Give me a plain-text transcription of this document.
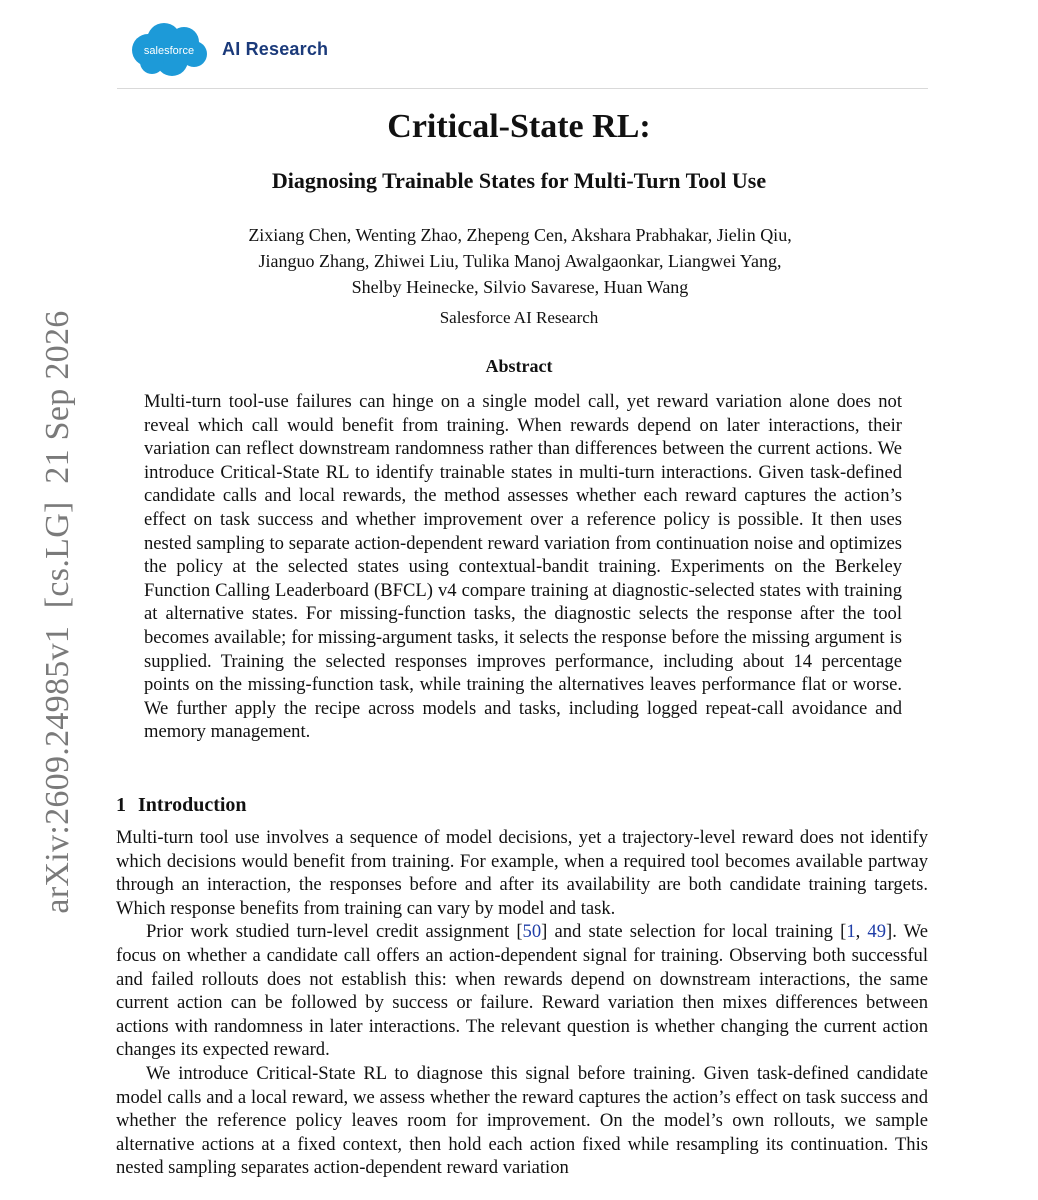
salesforce AI Research
arXiv:2609.24985v1  [cs.LG]  21 Sep 2026
Critical-State RL:
Diagnosing Trainable States for Multi-Turn Tool Use
Zixiang Chen, Wenting Zhao, Zhepeng Cen, Akshara Prabhakar, Jielin Qiu,
Jianguo Zhang, Zhiwei Liu, Tulika Manoj Awalgaonkar, Liangwei Yang,
Shelby Heinecke, Silvio Savarese, Huan Wang
Salesforce AI Research
Abstract
Multi-turn tool-use failures can hinge on a single model call, yet reward variation alone does not reveal which call would benefit from training. When rewards depend on later interactions, their variation can reflect downstream randomness rather than differences between the current actions. We introduce Critical-State RL to identify trainable states in multi-turn interactions. Given task-defined candidate calls and local rewards, the method assesses whether each reward captures the action’s effect on task success and whether improvement over a reference policy is possible. It then uses nested sampling to separate action-dependent reward variation from continuation noise and optimizes the policy at the selected states using contextual-bandit training. Experiments on the Berkeley Function Calling Leaderboard (BFCL) v4 compare training at diagnostic-selected states with training at alternative states. For missing-function tasks, the diagnostic selects the response after the tool becomes available; for missing-argument tasks, it selects the response before the missing argument is supplied. Training the selected responses improves performance, including about 14 percentage points on the missing-function task, while training the alternatives leaves performance flat or worse. We further apply the recipe across models and tasks, including logged repeat-call avoidance and memory management.
1 Introduction

Multi-turn tool use involves a sequence of model decisions, yet a trajectory-level reward does not identify which decisions would benefit from training. For example, when a required tool becomes available partway through an interaction, the responses before and after its availability are both candidate training targets. Which response benefits from training can vary by model and task.

Prior work studied turn-level credit assignment [50] and state selection for local training [1, 49]. We focus on whether a candidate call offers an action-dependent signal for training. Observing both successful and failed rollouts does not establish this: when rewards depend on downstream interactions, the same current action can be followed by success or failure. Reward variation then mixes differences between actions with randomness in later interactions. The relevant question is whether changing the current action changes its expected reward.

We introduce Critical-State RL to diagnose this signal before training. Given task-defined candidate model calls and a local reward, we assess whether the reward captures the action’s effect on task success and whether the reference policy leaves room for improvement. On the model’s own rollouts, we sample alternative actions at a fixed context, then hold each action fixed while resampling its continuation. This nested sampling separates action-dependent reward variation
